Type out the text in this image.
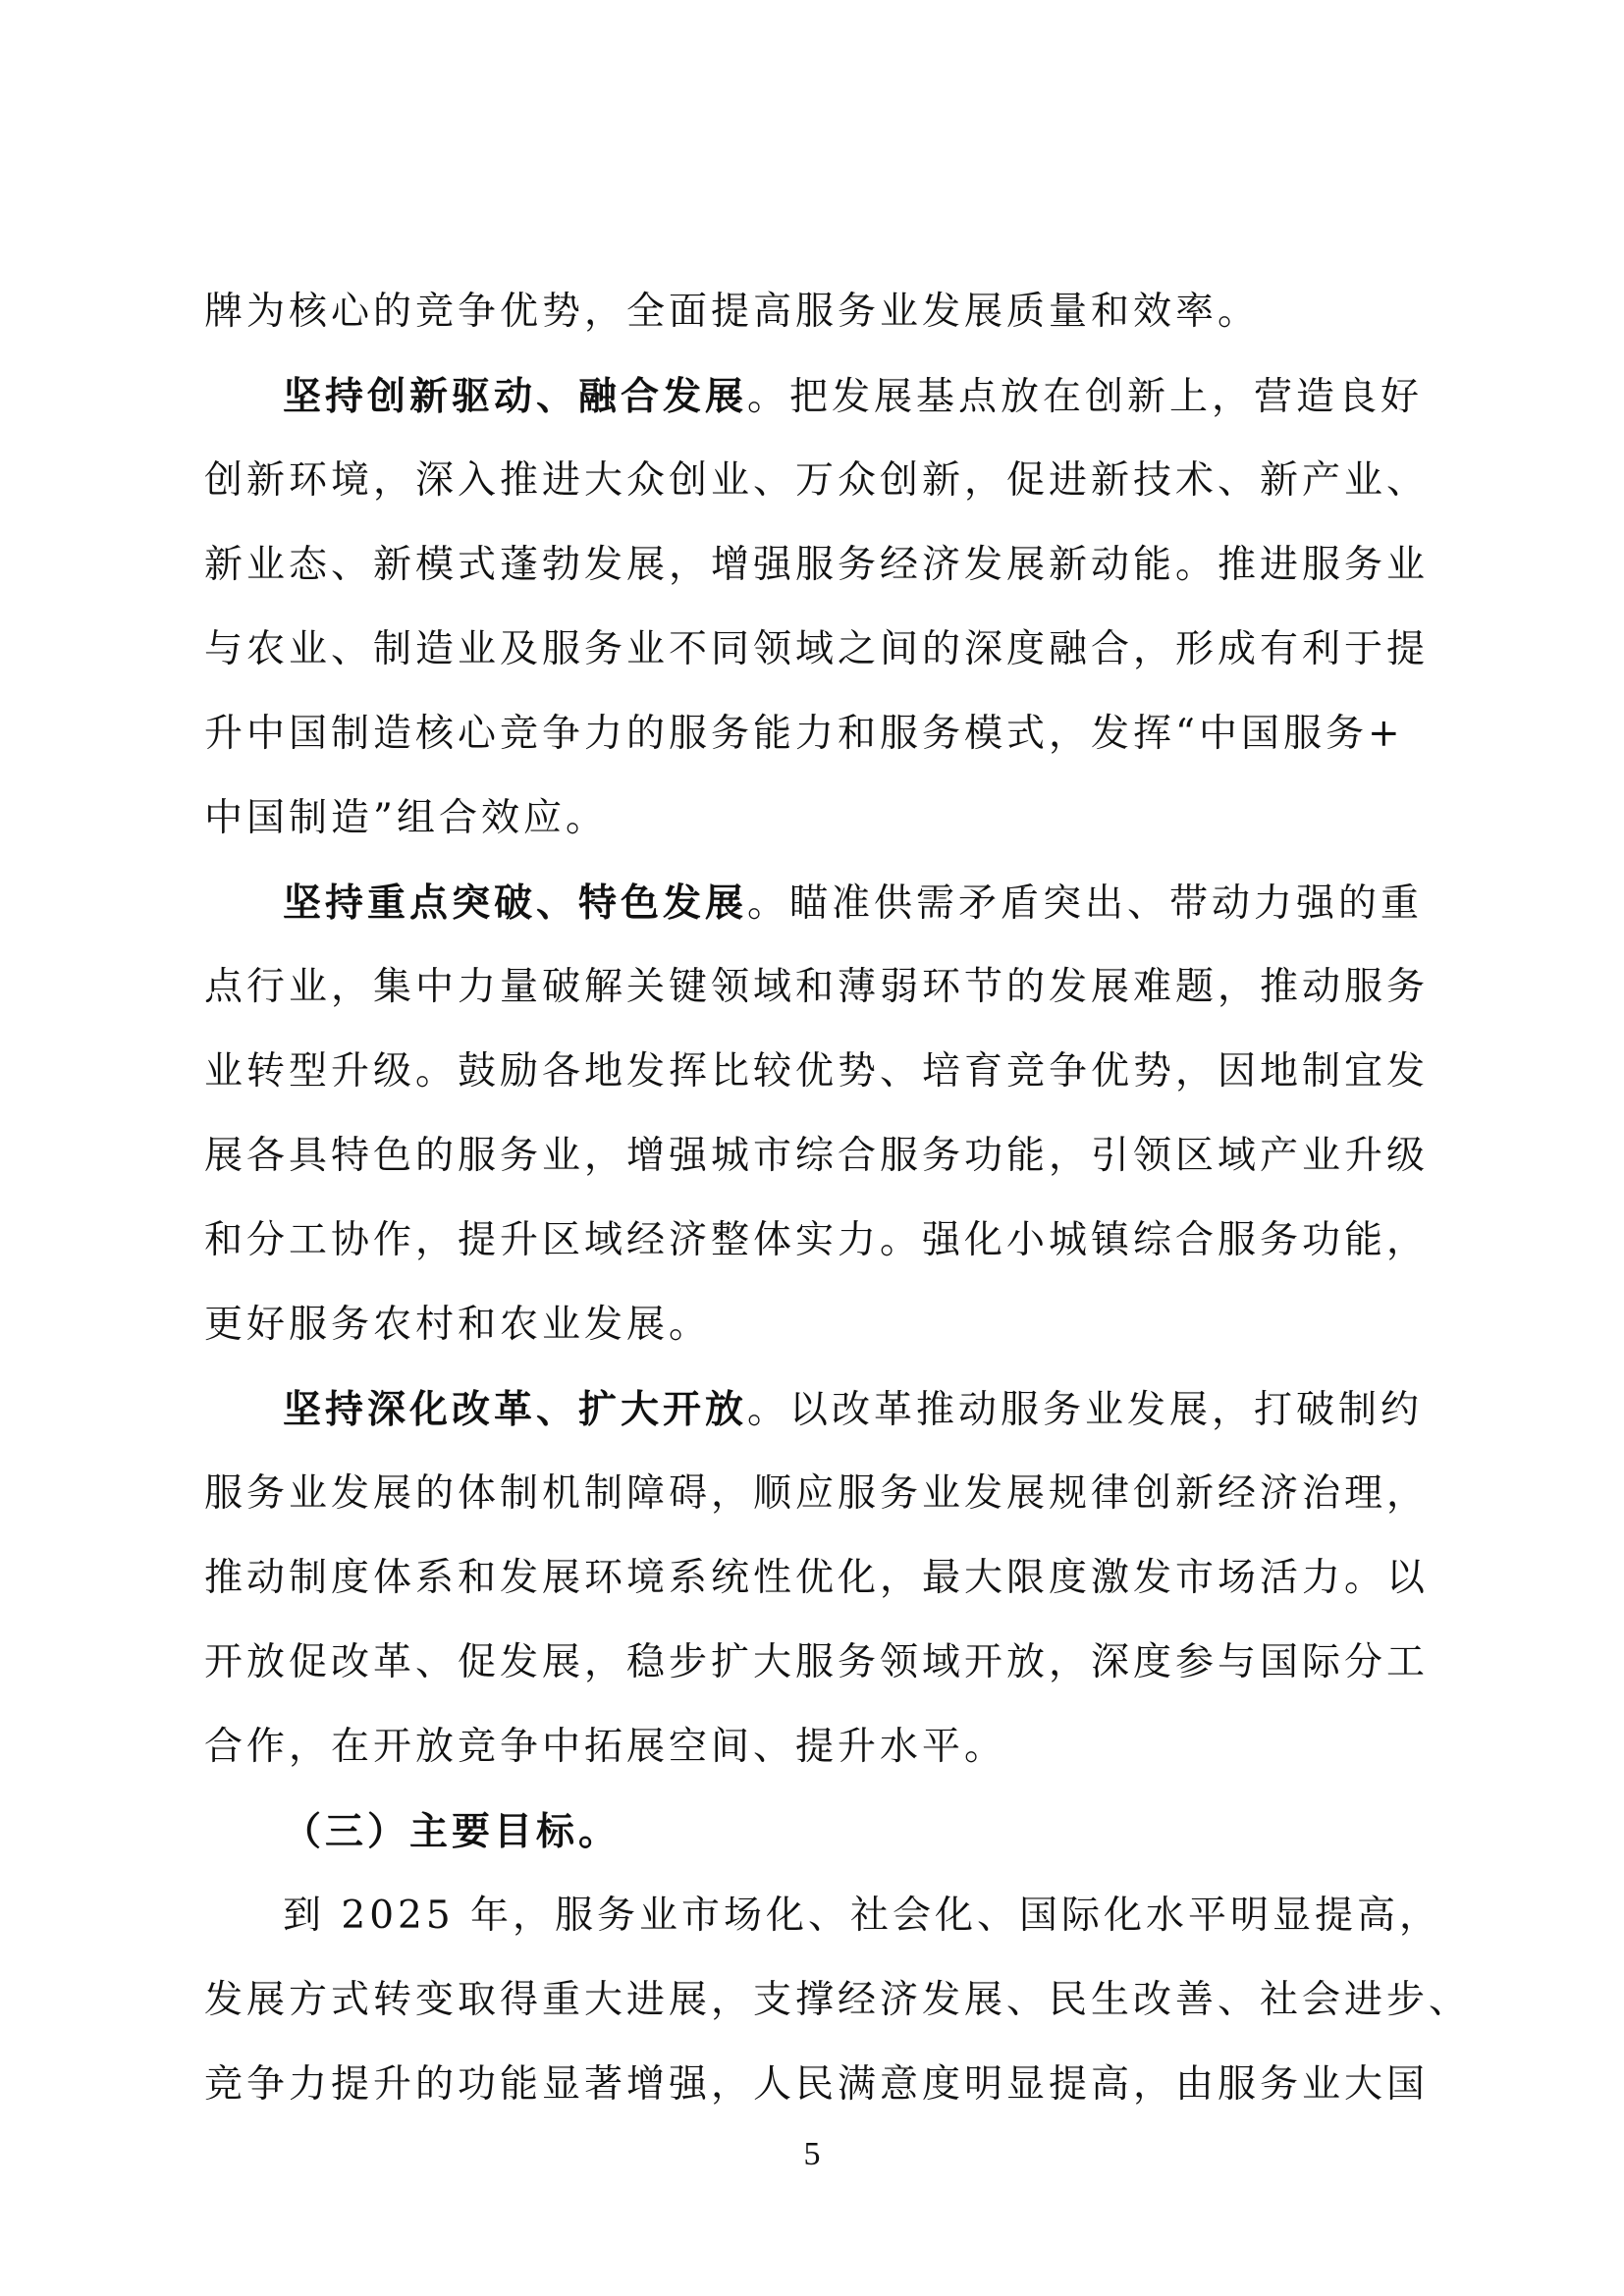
牌为核心的竞争优势，全面提高服务业发展质量和效率。
坚持创新驱动、融合发展。把发展基点放在创新上，营造良好
创新环境，深入推进大众创业、万众创新，促进新技术、新产业、
新业态、新模式蓬勃发展，增强服务经济发展新动能。推进服务业
与农业、制造业及服务业不同领域之间的深度融合，形成有利于提
升中国制造核心竞争力的服务能力和服务模式，发挥“中国服务+
中国制造”组合效应。
坚持重点突破、特色发展。瞄准供需矛盾突出、带动力强的重
点行业，集中力量破解关键领域和薄弱环节的发展难题，推动服务
业转型升级。鼓励各地发挥比较优势、培育竞争优势，因地制宜发
展各具特色的服务业，增强城市综合服务功能，引领区域产业升级
和分工协作，提升区域经济整体实力。强化小城镇综合服务功能，
更好服务农村和农业发展。
坚持深化改革、扩大开放。以改革推动服务业发展，打破制约
服务业发展的体制机制障碍，顺应服务业发展规律创新经济治理，
推动制度体系和发展环境系统性优化，最大限度激发市场活力。以
开放促改革、促发展，稳步扩大服务领域开放，深度参与国际分工
合作，在开放竞争中拓展空间、提升水平。
（三）主要目标。
到 2025 年，服务业市场化、社会化、国际化水平明显提高，
发展方式转变取得重大进展，支撑经济发展、民生改善、社会进步、
竞争力提升的功能显著增强，人民满意度明显提高，由服务业大国
5
